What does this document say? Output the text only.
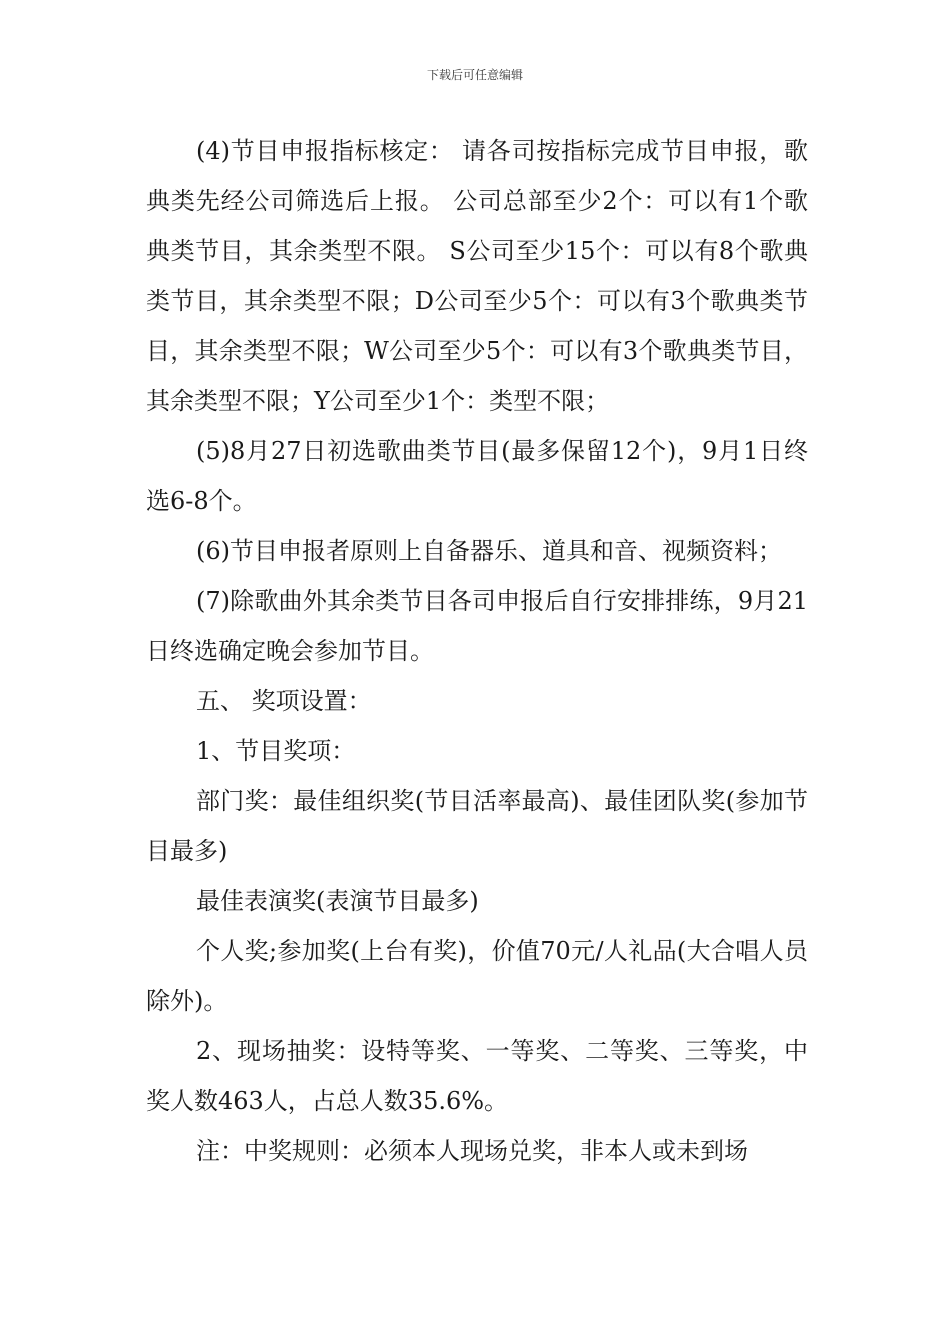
下载后可任意编辑

(4)节目申报指标核定： 请各司按指标完成节目申报，歌典类先经公司筛选后上报。 公司总部至少2个：可以有1个歌典类节目，其余类型不限。 S公司至少15个：可以有8个歌典类节目，其余类型不限；D公司至少5个：可以有3个歌典类节目，其余类型不限；W公司至少5个：可以有3个歌典类节目，其余类型不限；Y公司至少1个：类型不限；

(5)8月27日初选歌曲类节目(最多保留12个)，9月1日终选6-8个。

(6)节目申报者原则上自备器乐、道具和音、视频资料；

(7)除歌曲外其余类节目各司申报后自行安排排练，9月21日终选确定晚会参加节目。

五、 奖项设置：

1、节目奖项：

部门奖：最佳组织奖(节目活率最高)、最佳团队奖(参加节目最多)

最佳表演奖(表演节目最多)

个人奖;参加奖(上台有奖)，价值70元/人礼品(大合唱人员除外)。

2、现场抽奖：设特等奖、一等奖、二等奖、三等奖，中奖人数463人，占总人数35.6%。

注：中奖规则：必须本人现场兑奖，非本人或未到场
